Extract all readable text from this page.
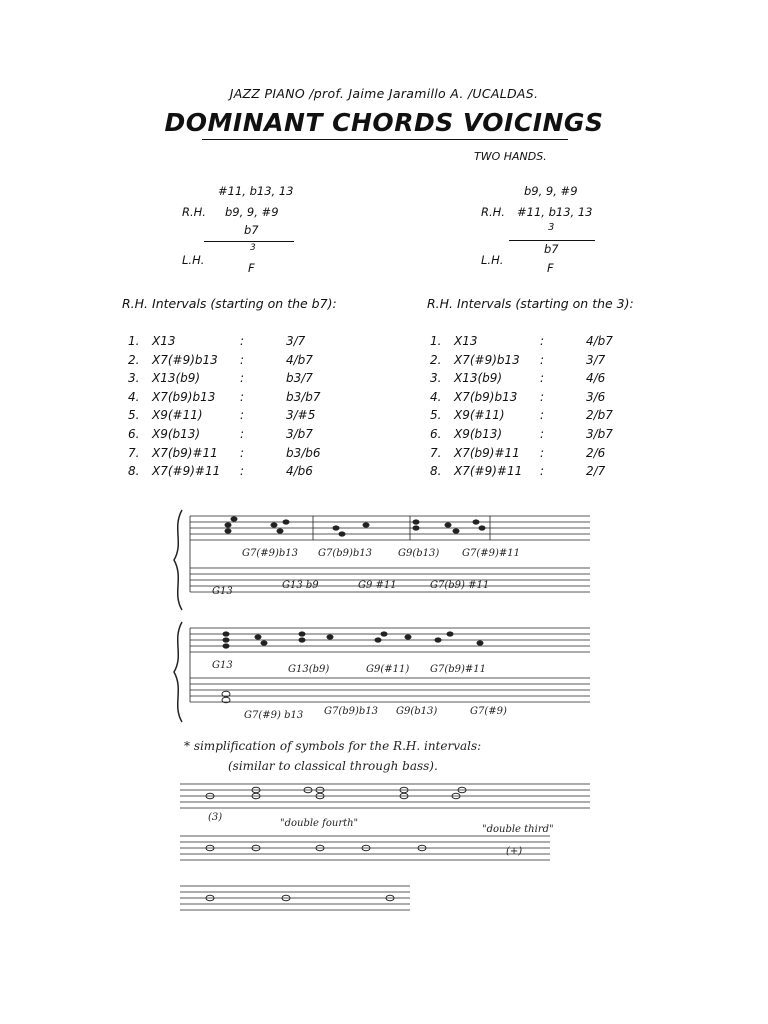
JAZZ PIANO /prof. Jaime Jaramillo A. /UCALDAS.
DOMINANT CHORDS VOICINGS
TWO HANDS.
#11, b13, 13
R.H. b9, 9, #9
b7
3
L.H.
F
b9, 9, #9
R.H. #11, b13, 13
3
b7
L.H.
F
R.H. Intervals (starting on the b7):	R.H. Intervals (starting on the 3):
1. X13	:	3/7
2. X7(#9)b13 :	4/b7
3. X13(b9)	:	b3/7
4. X7(b9)b13 :	b3/b7
5. X9(#11)	:	3/#5
6. X9(b13)	:	3/b7
7. X7(b9)#11 :	b3/b6
8. X7(#9)#11 :	4/b6
1. X13	:	4/b7
2. X7(#9)b13 :	3/7
3. X13(b9)	:	4/6
4. X7(b9)b13 :	3/6
5. X9(#11)	:	2/b7
6. X9(b13)	:	3/b7
7. X7(b9)#11 :	2/6
8. X7(#9)#11 :	2/7
G7(#9)b13 G7(b9)b13	G9(b13) G7(#9)#11
G13
G13 b9	G9 #11	G7(b9) #11
G13	G13(b9)	G9(#11) G7(b9)#11
G7(#9) b13 G7(b9)b13 G9(b13)	G7(#9)
* simplification of symbols for the R.H. intervals:
(similar to classical through bass).
(3)
"double fourth"
"double third"
(+)
